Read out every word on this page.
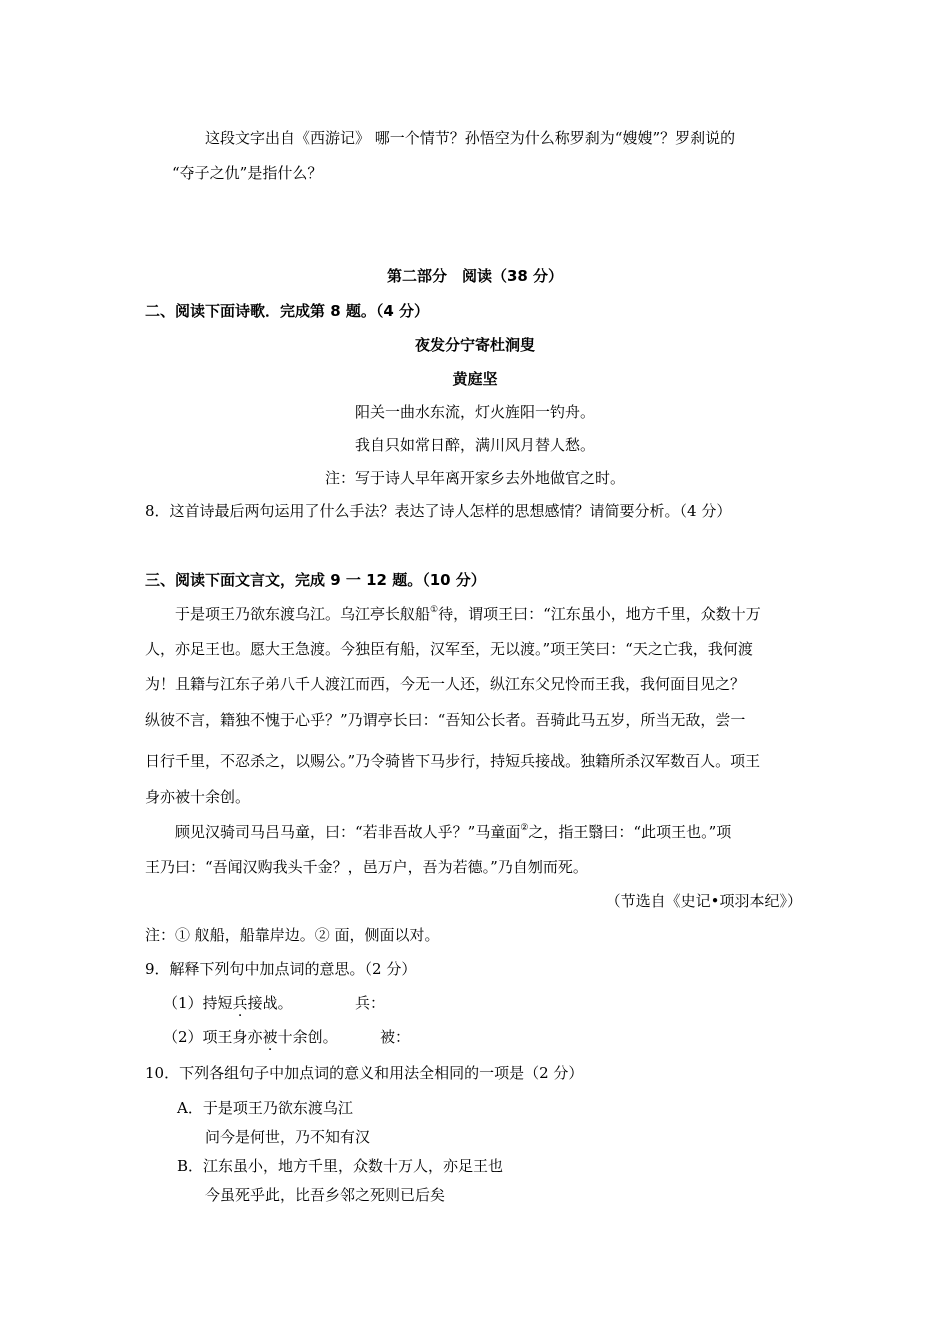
这段文字出自《西游记》 哪一个情节？孙悟空为什么称罗刹为“嫂嫂”？罗刹说的
“夺子之仇”是指什么？
第二部分　阅读（38 分）
二、阅读下面诗歌．完成第 8 题。（4 分）
夜发分宁寄杜涧叟
黄庭坚
阳关一曲水东流，灯火旌阳一钓舟。
我自只如常日醉，满川风月替人愁。
注：写于诗人早年离开家乡去外地做官之时。
8．这首诗最后两句运用了什么手法？表达了诗人怎样的思想感情？请简要分析。（4 分）
三、阅读下面文言文，完成 9 一 12 题。（10 分）
于是项王乃欲东渡乌江。乌江亭长舣船①待，谓项王曰：“江东虽小，地方千里，众数十万
人，亦足王也。愿大王急渡。今独臣有船，汉军至，无以渡。”项王笑曰：“天之亡我，我何渡
为！且籍与江东子弟八千人渡江而西，今无一人还，纵江东父兄怜而王我，我何面目见之？
纵彼不言，籍独不愧于心乎？”乃谓亭长曰：“吾知公长者。吾骑此马五岁，所当无敌，尝一
日行千里，不忍杀之，以赐公。”乃令骑皆下马步行，持短兵接战。独籍所杀汉军数百人。项王
身亦被十余创。
顾见汉骑司马吕马童，曰：“若非吾故人乎？”马童面②之，指王翳曰：“此项王也。”项
王乃曰：“吾闻汉购我头千金？，邑万户，吾为若德。”乃自刎而死。
（节选自《史记•项羽本纪》）
注：① 舣船，船靠岸边。② 面，侧面以对。
9．解释下列句中加点词的意思。（2 分）
（1）持短兵接战。	兵：
（2）项王身亦被十余创。	被：
10．下列各组句子中加点词的意义和用法全相同的一项是（2 分）
A．于是项王乃欲东渡乌江
问今是何世，乃不知有汉
B．江东虽小，地方千里，众数十万人，亦足王也
今虽死乎此，比吾乡邻之死则已后矣
